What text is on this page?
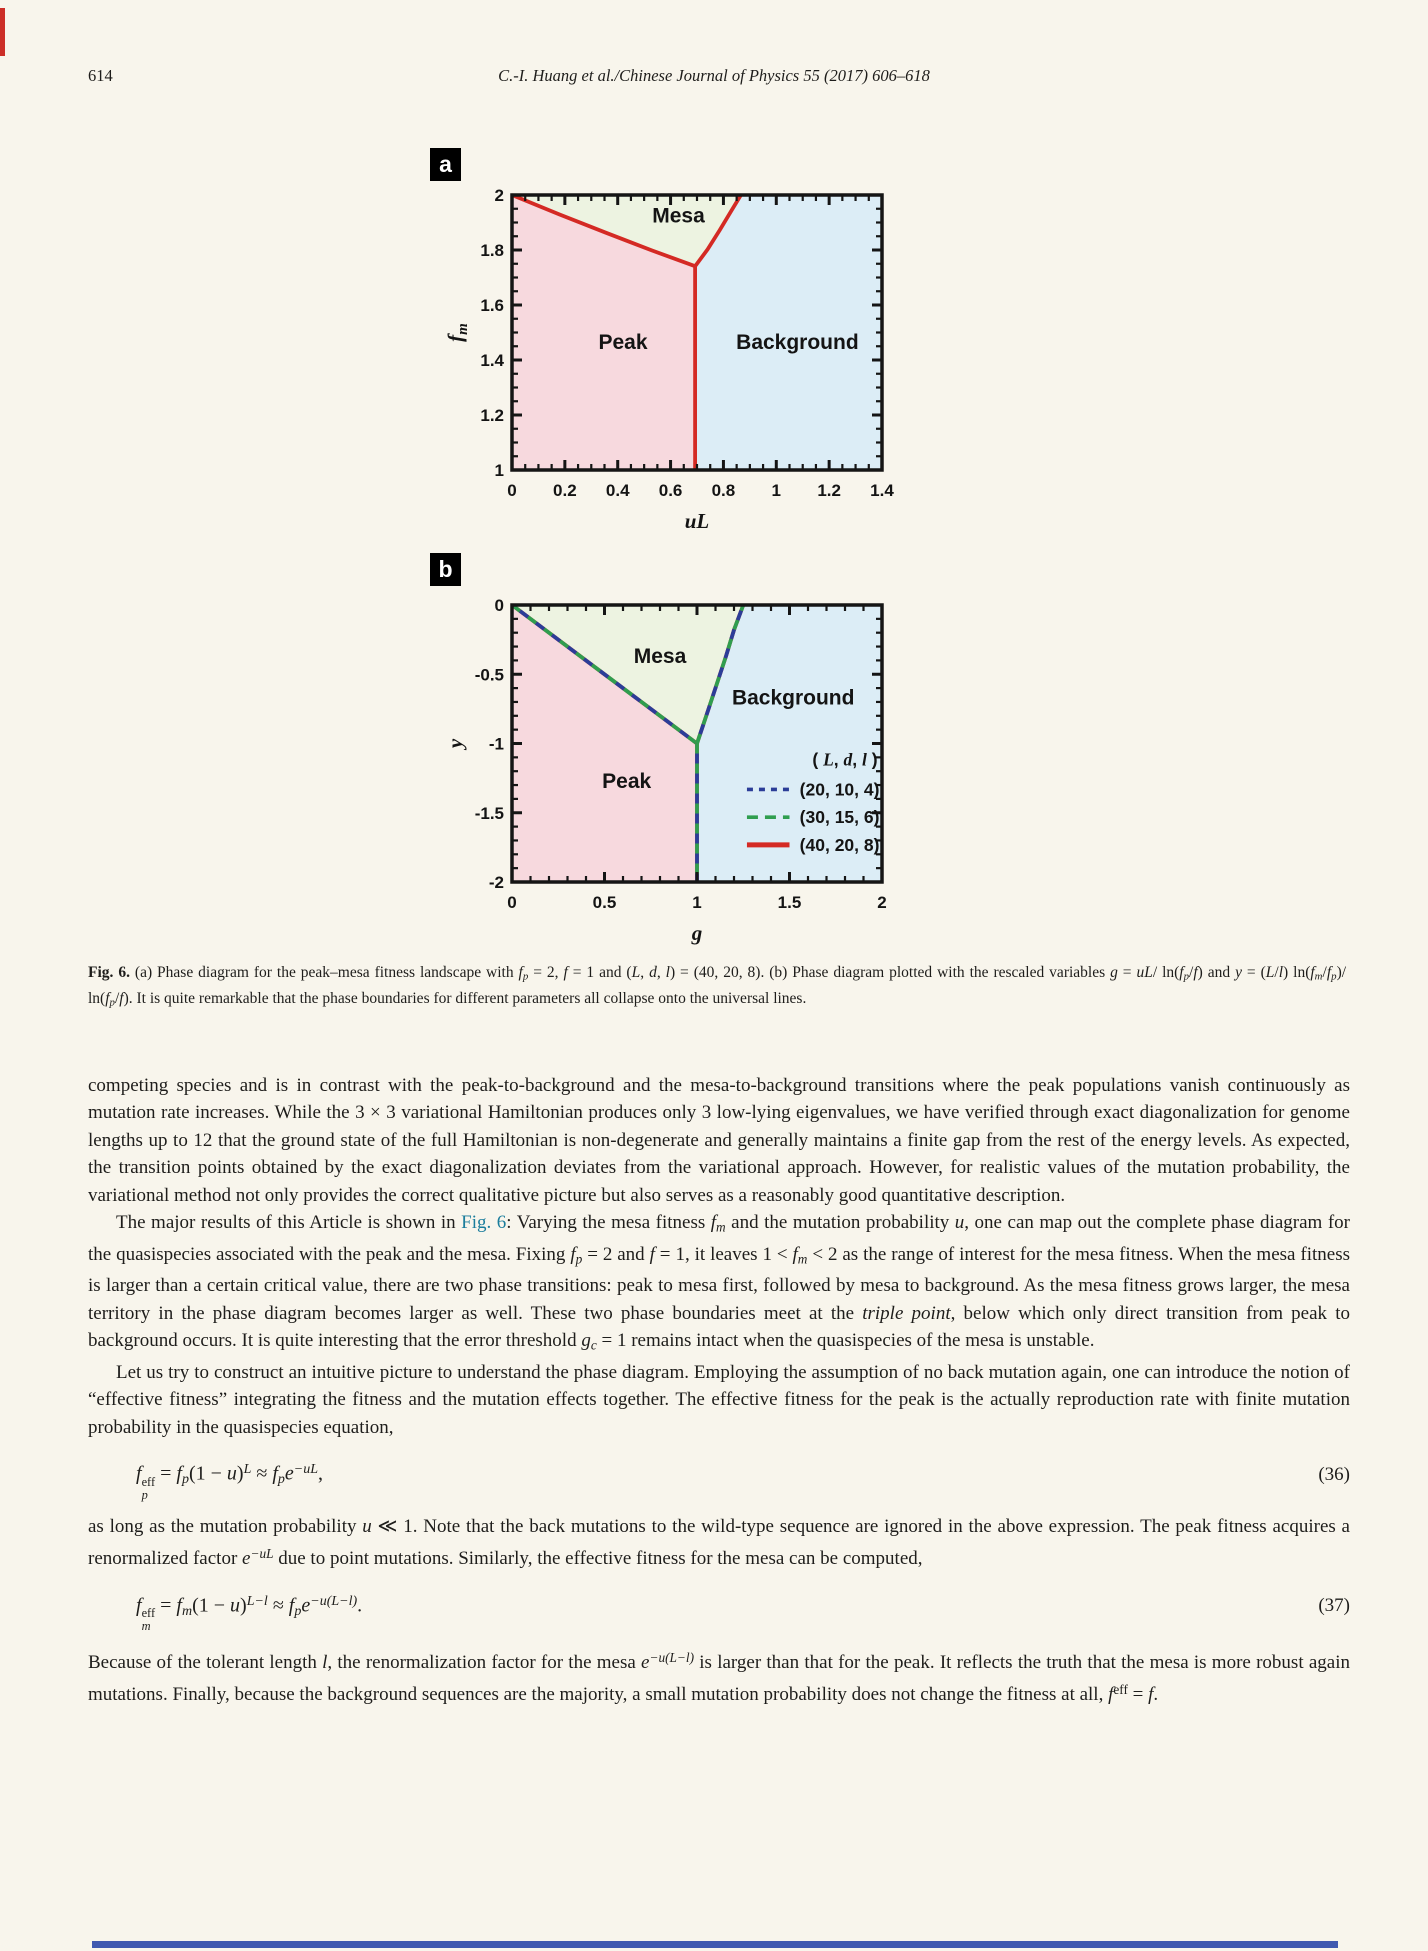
614	C.-I. Huang et al./Chinese Journal of Physics 55 (2017) 606–618
a
0 0.2 0.4 0.6 0.8 1 1.2 1.4
1
1.2
1.4
1.6
1.8
2
uL
$f_m$
Peak
Mesa
Background
b
0	0.5	1	1.5	2
-2
-1.5
-1
-0.5
0
g
y
Peak
Mesa
Background
( L, d, l )
(20, 10, 4)
(30, 15, 6)
(40, 20, 8)
Fig. 6. (a) Phase diagram for the peak–mesa fitness landscape with fp = 2, f = 1 and (L, d, l) = (40, 20, 8). (b) Phase diagram plotted with the rescaled variables g = uL/ ln(fp/f) and y = (L/l) ln(fm/fp)/ ln(fp/f). It is quite remarkable that the phase boundaries for different parameters all collapse onto the universal lines.

competing species and is in contrast with the peak-to-background and the mesa-to-background transitions where the peak populations vanish continuously as mutation rate increases. While the 3 × 3 variational Hamiltonian produces only 3 low-lying eigenvalues, we have verified through exact diagonalization for genome lengths up to 12 that the ground state of the full Hamiltonian is non-degenerate and generally maintains a finite gap from the rest of the energy levels. As expected, the transition points obtained by the exact diagonalization deviates from the variational approach. However, for realistic values of the mutation probability, the variational method not only provides the correct qualitative picture but also serves as a reasonably good quantitative description.

The major results of this Article is shown in Fig. 6: Varying the mesa fitness fm and the mutation probability u, one can map out the complete phase diagram for the quasispecies associated with the peak and the mesa. Fixing fp = 2 and f = 1, it leaves 1 < fm < 2 as the range of interest for the mesa fitness. When the mesa fitness is larger than a certain critical value, there are two phase transitions: peak to mesa first, followed by mesa to background. As the mesa fitness grows larger, the mesa territory in the phase diagram becomes larger as well. These two phase boundaries meet at the triple point, below which only direct transition from peak to background occurs. It is quite interesting that the error threshold gc = 1 remains intact when the quasispecies of the mesa is unstable.

Let us try to construct an intuitive picture to understand the phase diagram. Employing the assumption of no back mutation again, one can introduce the notion of “effective fitness” integrating the fitness and the mutation effects together. The effective fitness for the peak is the actually reproduction rate with finite mutation probability in the quasispecies equation,

f eff
p
= $fp(1 - u)^L \approx fpe^{-uL}$,	(36)

as long as the mutation probability u ≪ 1. Note that the back mutations to the wild-type sequence are ignored in the above expression. The peak fitness acquires a renormalized factor $e^{-uL}$ due to point mutations. Similarly, the effective fitness for the mesa can be computed,

f eff
m
= $fm(1 - u)^{L-l} \approx fpe^{-u(L-l)}$.	(37)

Because of the tolerant length l, the renormalization factor for the mesa $e^{-u(L-l)}$ is larger than that for the peak. It reflects the truth that the mesa is more robust again mutations. Finally, because the background sequences are the majority, a small mutation probability does not change the fitness at all, $f^{eff} = f$.
